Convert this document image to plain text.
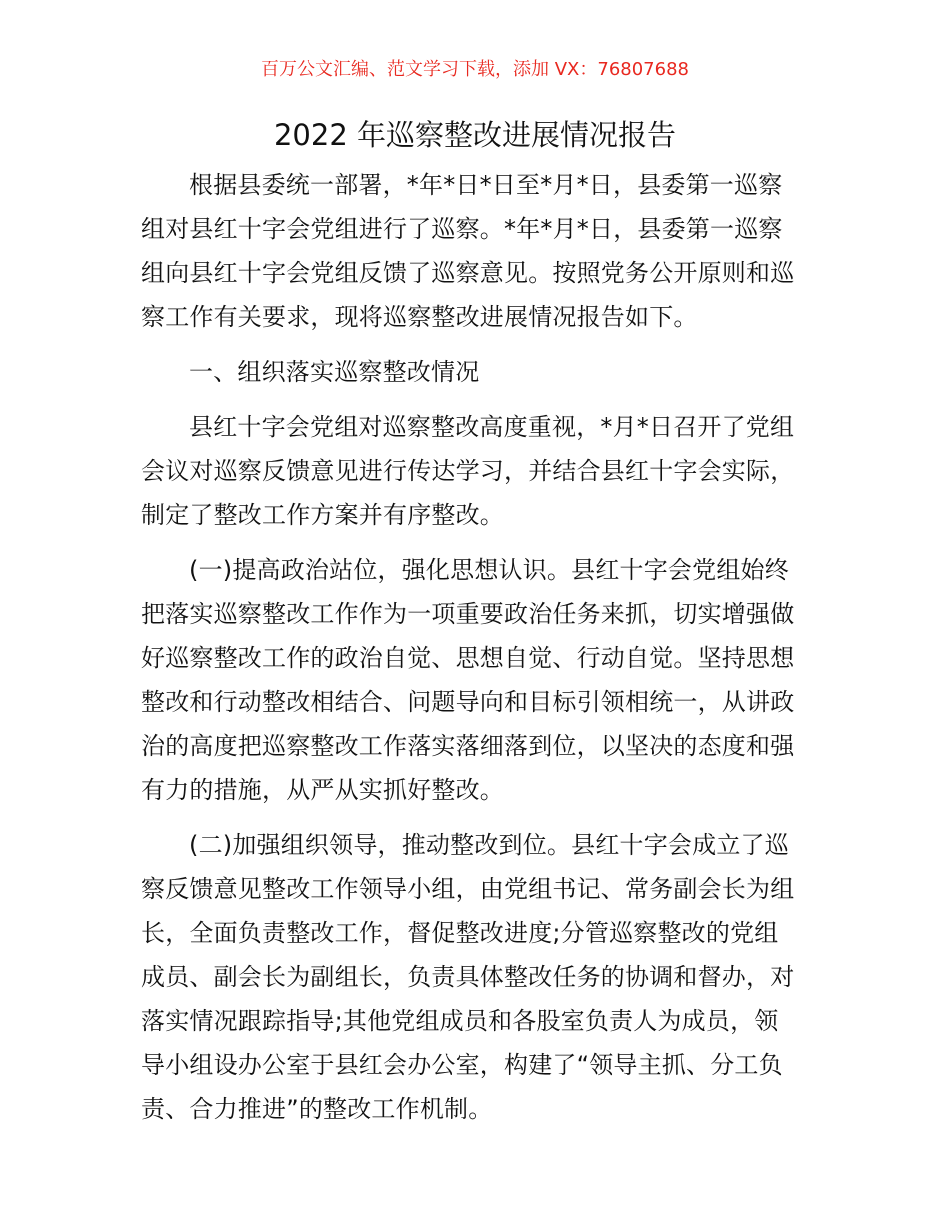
百万公文汇编、范文学习下载，添加 VX：76807688
2022 年巡察整改进展情况报告

根据县委统一部署，*年*日*日至*月*日，县委第一巡察
组对县红十字会党组进行了巡察。*年*月*日，县委第一巡察
组向县红十字会党组反馈了巡察意见。按照党务公开原则和巡
察工作有关要求，现将巡察整改进展情况报告如下。

一、组织落实巡察整改情况

县红十字会党组对巡察整改高度重视，*月*日召开了党组
会议对巡察反馈意见进行传达学习，并结合县红十字会实际，
制定了整改工作方案并有序整改。

(一)提高政治站位，强化思想认识。县红十字会党组始终
把落实巡察整改工作作为一项重要政治任务来抓，切实增强做
好巡察整改工作的政治自觉、思想自觉、行动自觉。坚持思想
整改和行动整改相结合、问题导向和目标引领相统一，从讲政
治的高度把巡察整改工作落实落细落到位，以坚决的态度和强
有力的措施，从严从实抓好整改。

(二)加强组织领导，推动整改到位。县红十字会成立了巡
察反馈意见整改工作领导小组，由党组书记、常务副会长为组
长，全面负责整改工作，督促整改进度;分管巡察整改的党组
成员、副会长为副组长，负责具体整改任务的协调和督办，对
落实情况跟踪指导;其他党组成员和各股室负责人为成员，领
导小组设办公室于县红会办公室，构建了“领导主抓、分工负
责、合力推进”的整改工作机制。
